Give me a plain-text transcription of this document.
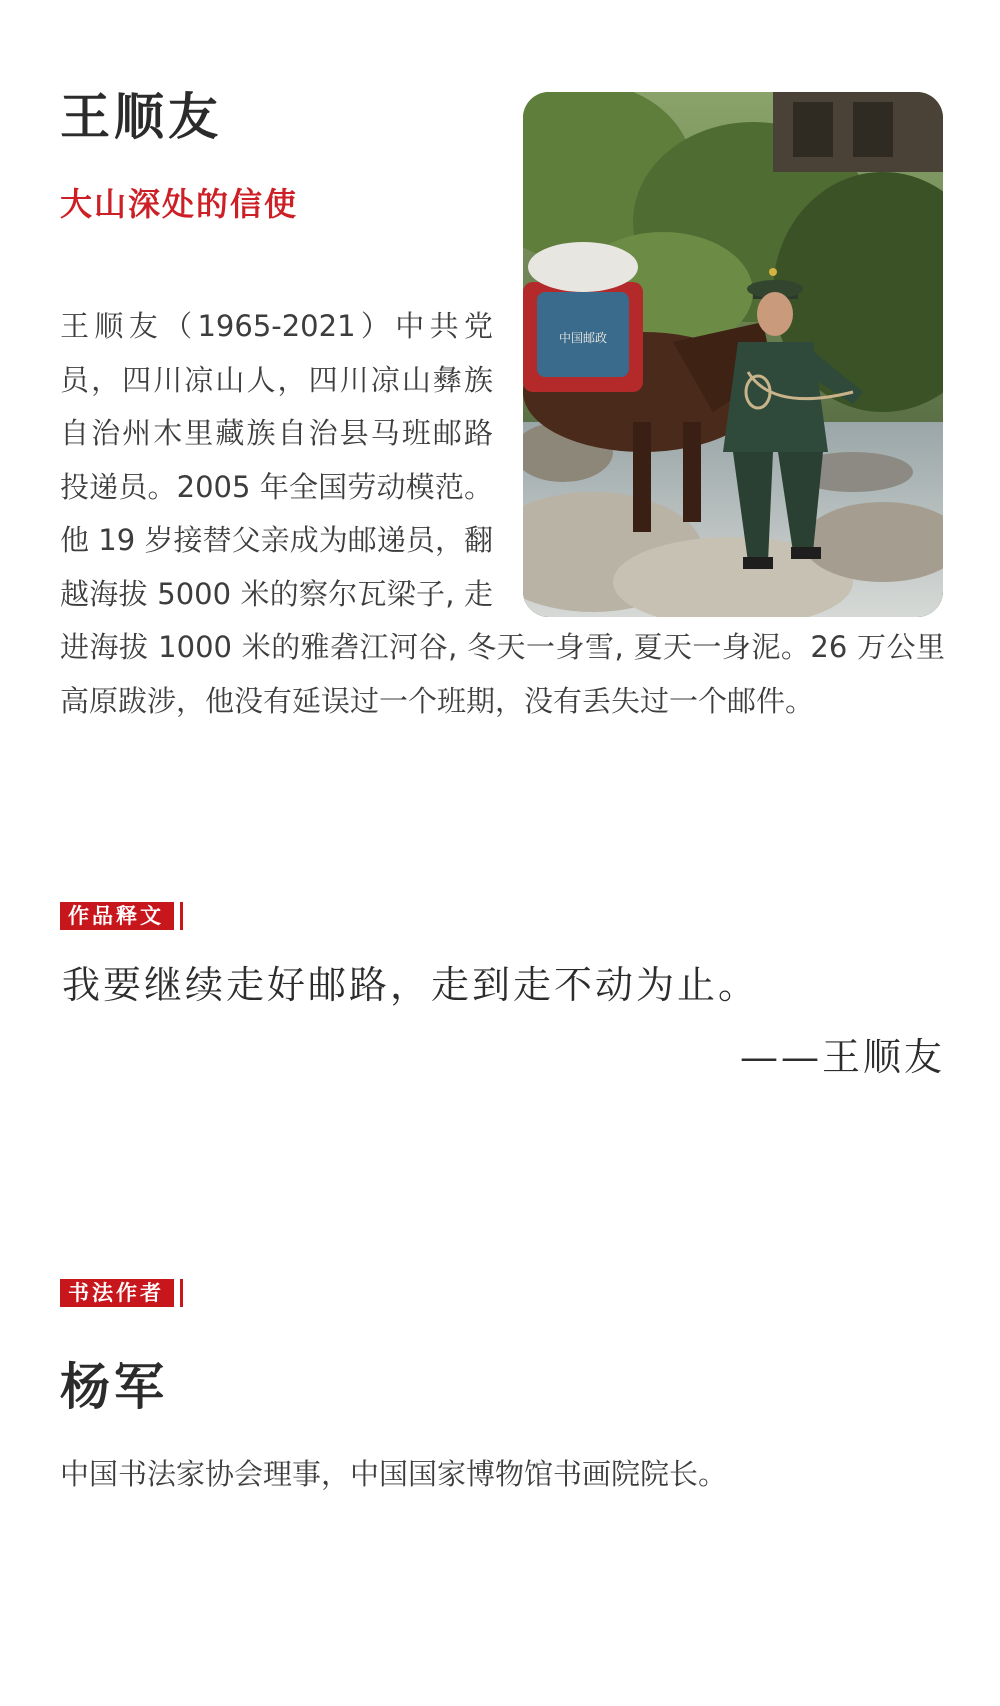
王顺友
大山深处的信使
中国邮政

王顺友（1965-2021）中共党员，四川凉山人，四川凉山彝族自治州木里藏族自治县马班邮路投递员。2005 年全国劳动模范。他 19 岁接替父亲成为邮递员，翻越海拔 5000 米的察尔瓦梁子, 走进海拔 1000 米的雅砻江河谷, 冬天一身雪, 夏天一身泥。26 万公里高原跋涉，他没有延误过一个班期，没有丢失过一个邮件。

作品释文

我要继续走好邮路，走到走不动为止。

——王顺友

书法作者
杨军

中国书法家协会理事，中国国家博物馆书画院院长。
